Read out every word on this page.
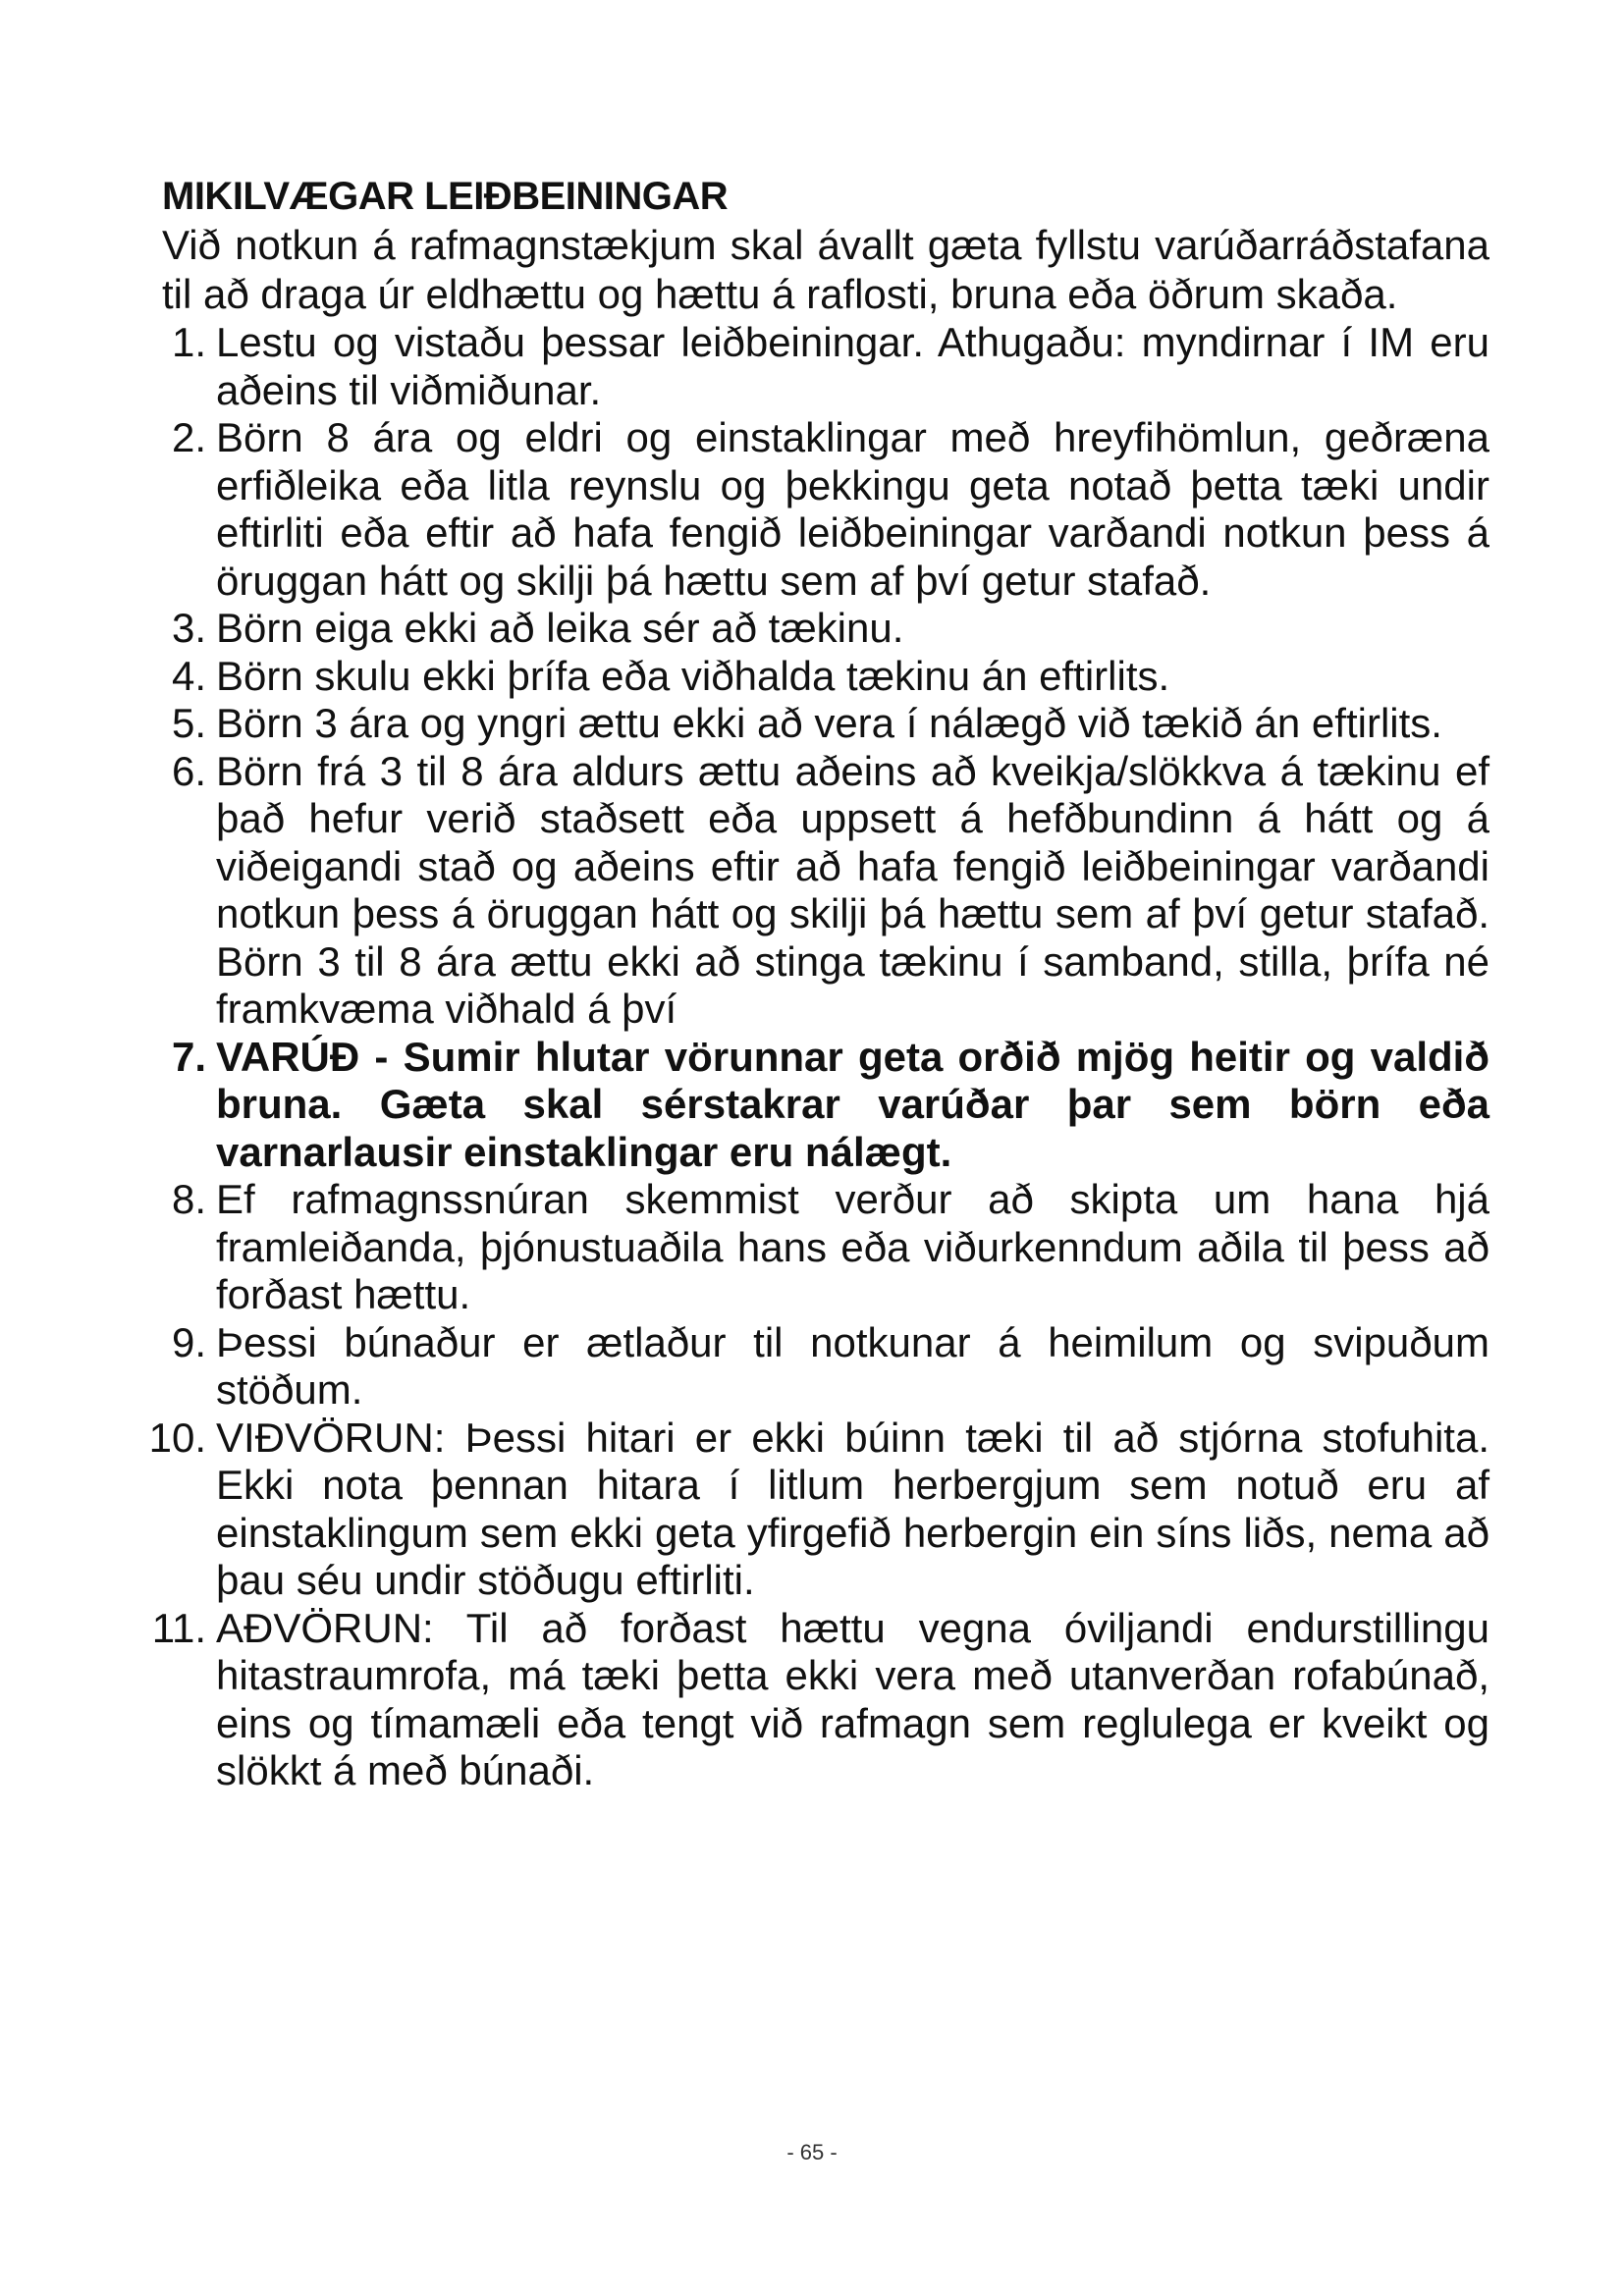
MIKILVÆGAR LEIÐBEININGAR

Við notkun á rafmagnstækjum skal ávallt gæta fyllstu varúðarráðstafana til að draga úr eldhættu og hættu á raflosti, bruna eða öðrum skaða.

1. Lestu og vistaðu þessar leiðbeiningar. Athugaðu: myndirnar í IM eru aðeins til viðmiðunar.
2. Börn 8 ára og eldri og einstaklingar með hreyfihömlun, geðræna erfiðleika eða litla reynslu og þekkingu geta notað þetta tæki undir eftirliti eða eftir að hafa fengið leiðbeiningar varðandi notkun þess á öruggan hátt og skilji þá hættu sem af því getur stafað.
3. Börn eiga ekki að leika sér að tækinu.
4. Börn skulu ekki þrífa eða viðhalda tækinu án eftirlits.
5. Börn 3 ára og yngri ættu ekki að vera í nálægð við tækið án eftirlits.
6. Börn frá 3 til 8 ára aldurs ættu aðeins að kveikja/slökkva á tækinu ef það hefur verið staðsett eða uppsett á hefðbundinn á hátt og á viðeigandi stað og aðeins eftir að hafa fengið leiðbeiningar varðandi notkun þess á öruggan hátt og skilji þá hættu sem af því getur stafað. Börn 3 til 8 ára ættu ekki að stinga tækinu í samband, stilla, þrífa né framkvæma viðhald á því
7. VARÚÐ - Sumir hlutar vörunnar geta orðið mjög heitir og valdið bruna. Gæta skal sérstakrar varúðar þar sem börn eða varnarlausir einstaklingar eru nálægt.
8. Ef rafmagnssnúran skemmist verður að skipta um hana hjá framleiðanda, þjónustuaðila hans eða viðurkenndum aðila til þess að forðast hættu.
9. Þessi búnaður er ætlaður til notkunar á heimilum og svipuðum stöðum.
10. VIÐVÖRUN: Þessi hitari er ekki búinn tæki til að stjórna stofuhita. Ekki nota þennan hitara í litlum herbergjum sem notuð eru af einstaklingum sem ekki geta yfirgefið herbergin ein síns liðs, nema að þau séu undir stöðugu eftirliti.
11. AÐVÖRUN: Til að forðast hættu vegna óviljandi endurstillingu hitastraumrofa, má tæki þetta ekki vera með utanverðan rofabúnað, eins og tímamæli eða tengt við rafmagn sem reglulega er kveikt og slökkt á með búnaði.
- 65 -
